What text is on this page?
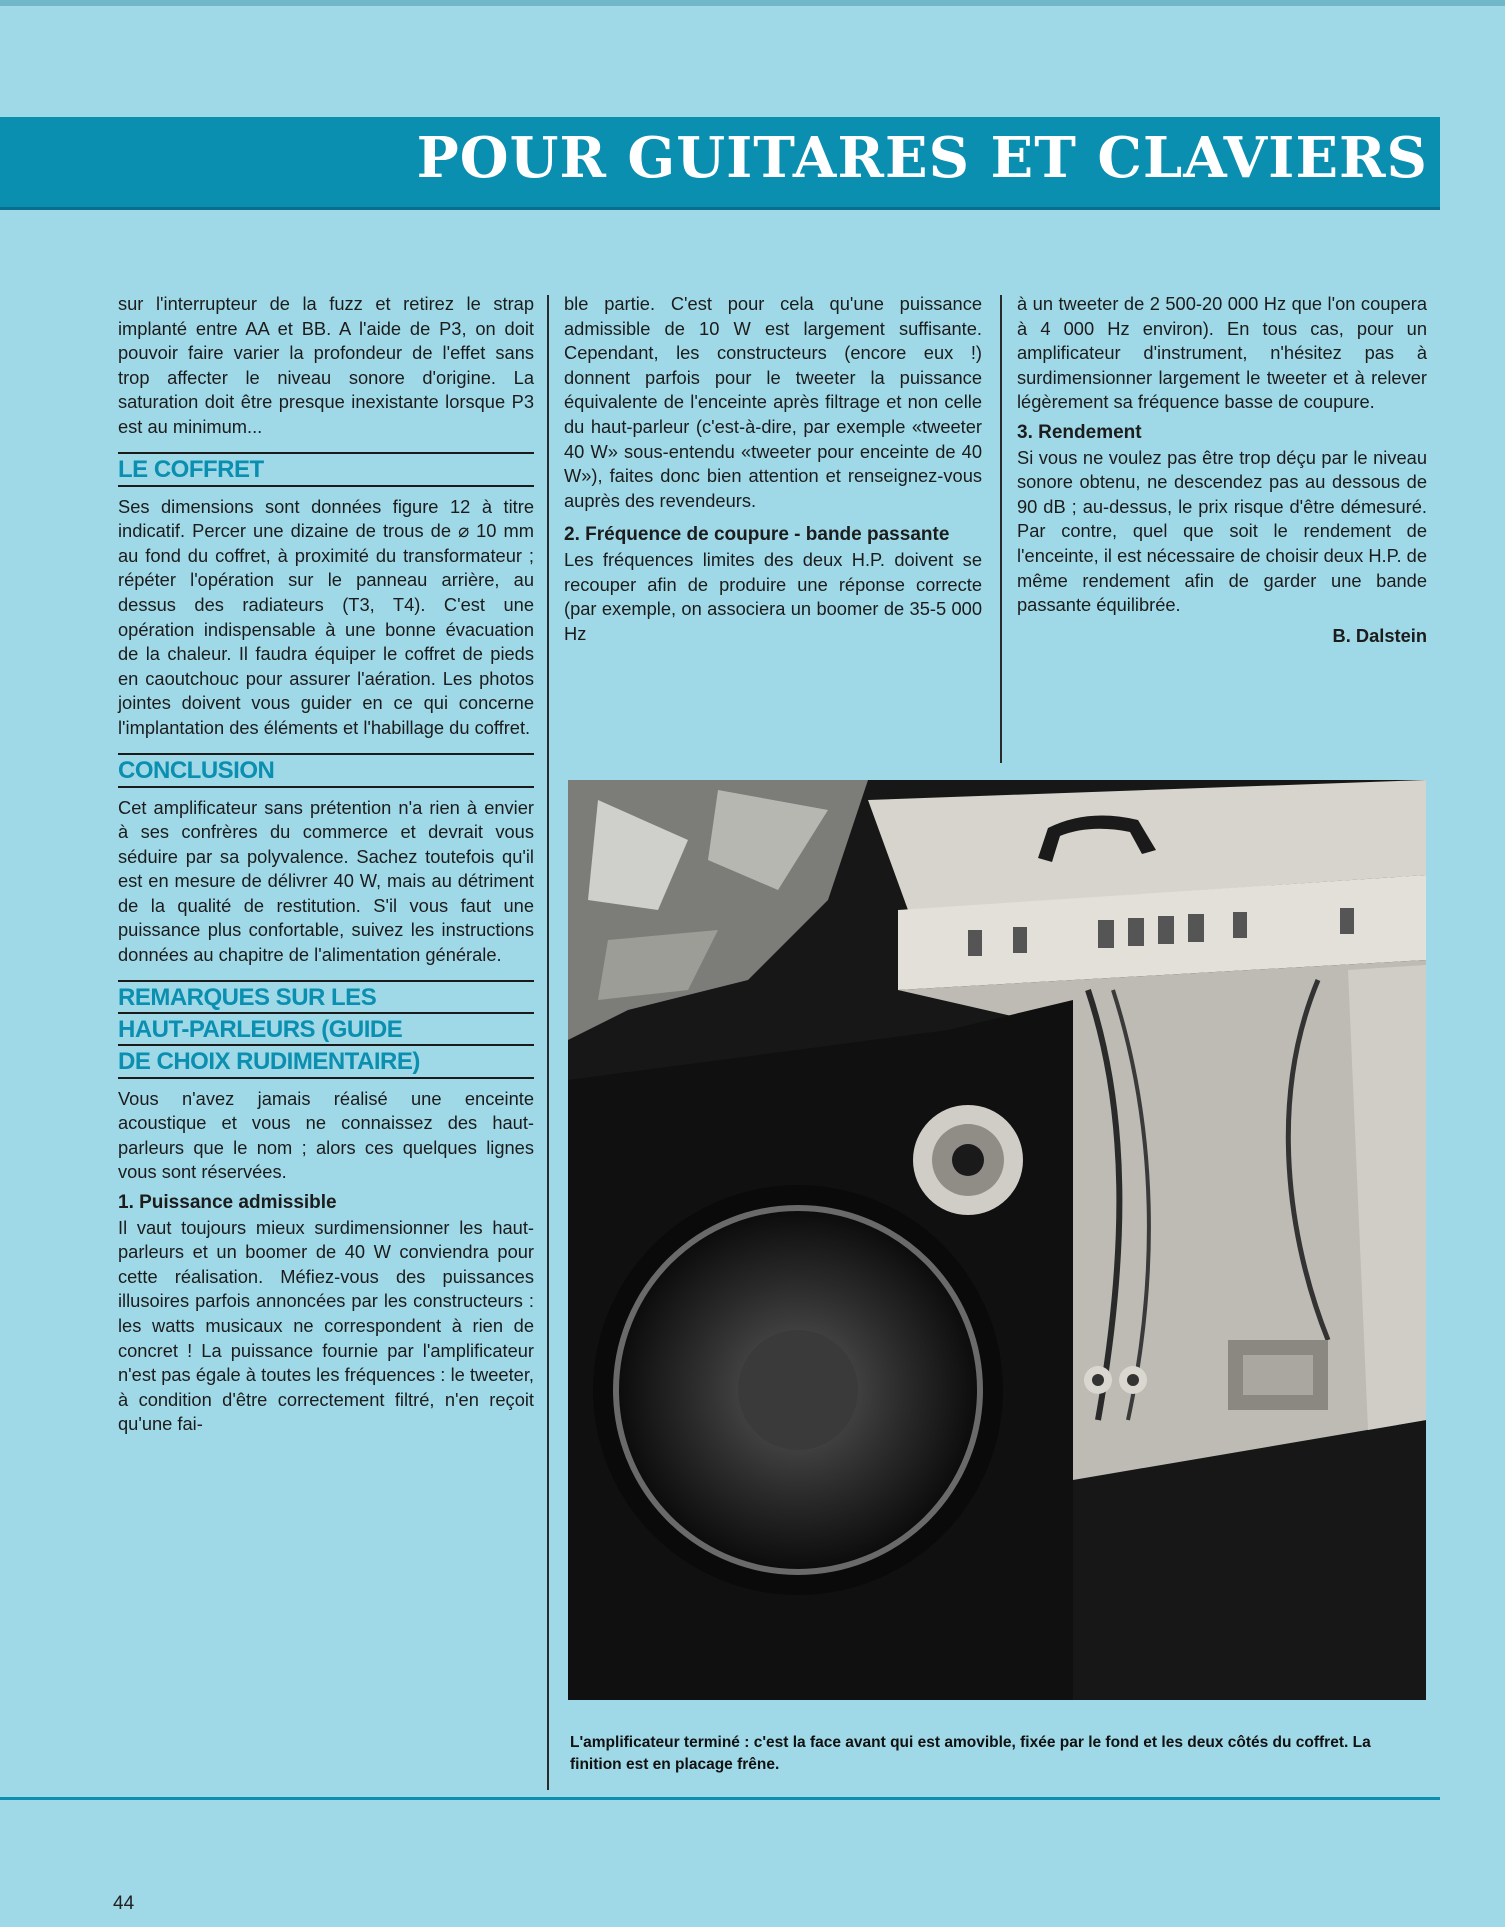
POUR GUITARES ET CLAVIERS

sur l'interrupteur de la fuzz et retirez le strap implanté entre AA et BB. A l'aide de P3, on doit pouvoir faire varier la profondeur de l'effet sans trop affecter le niveau sonore d'origine. La saturation doit être presque inexistante lorsque P3 est au minimum...

LE COFFRET

Ses dimensions sont données figure 12 à titre indicatif. Percer une dizaine de trous de ⌀ 10 mm au fond du coffret, à proximité du transformateur ; répéter l'opération sur le panneau arrière, au dessus des radiateurs (T3, T4). C'est une opération indispensable à une bonne évacuation de la chaleur. Il faudra équiper le coffret de pieds en caoutchouc pour assurer l'aération. Les photos jointes doivent vous guider en ce qui concerne l'implantation des éléments et l'habillage du coffret.

CONCLUSION

Cet amplificateur sans prétention n'a rien à envier à ses confrères du commerce et devrait vous séduire par sa polyvalence. Sachez toutefois qu'il est en mesure de délivrer 40 W, mais au détriment de la qualité de restitution. S'il vous faut une puissance plus confortable, suivez les instructions données au chapitre de l'alimentation générale.

REMARQUES SUR LES
HAUT-PARLEURS (GUIDE
DE CHOIX RUDIMENTAIRE)

Vous n'avez jamais réalisé une enceinte acoustique et vous ne connaissez des haut-parleurs que le nom ; alors ces quelques lignes vous sont réservées.

1. Puissance admissible

Il vaut toujours mieux surdimensionner les haut-parleurs et un boomer de 40 W conviendra pour cette réalisation. Méfiez-vous des puissances illusoires parfois annoncées par les constructeurs : les watts musicaux ne correspondent à rien de concret ! La puissance fournie par l'amplificateur n'est pas égale à toutes les fréquences : le tweeter, à condition d'être correctement filtré, n'en reçoit qu'une fai-

ble partie. C'est pour cela qu'une puissance admissible de 10 W est largement suffisante. Cependant, les constructeurs (encore eux !) donnent parfois pour le tweeter la puissance équivalente de l'enceinte après filtrage et non celle du haut-parleur (c'est-à-dire, par exemple «tweeter 40 W» sous-entendu «tweeter pour enceinte de 40 W»), faites donc bien attention et renseignez-vous auprès des revendeurs.

2. Fréquence de coupure - bande passante

Les fréquences limites des deux H.P. doivent se recouper afin de produire une réponse correcte (par exemple, on associera un boomer de 35-5 000 Hz

à un tweeter de 2 500-20 000 Hz que l'on coupera à 4 000 Hz environ). En tous cas, pour un amplificateur d'instrument, n'hésitez pas à surdimensionner largement le tweeter et à relever légèrement sa fréquence basse de coupure.

3. Rendement

Si vous ne voulez pas être trop déçu par le niveau sonore obtenu, ne descendez pas au dessous de 90 dB ; au-dessus, le prix risque d'être démesuré. Par contre, quel que soit le rendement de l'enceinte, il est nécessaire de choisir deux H.P. de même rendement afin de garder une bande passante équilibrée.

B. Dalstein
L'amplificateur terminé : c'est la face avant qui est amovible, fixée par le fond et les deux côtés du coffret. La finition est en placage frêne.
44
